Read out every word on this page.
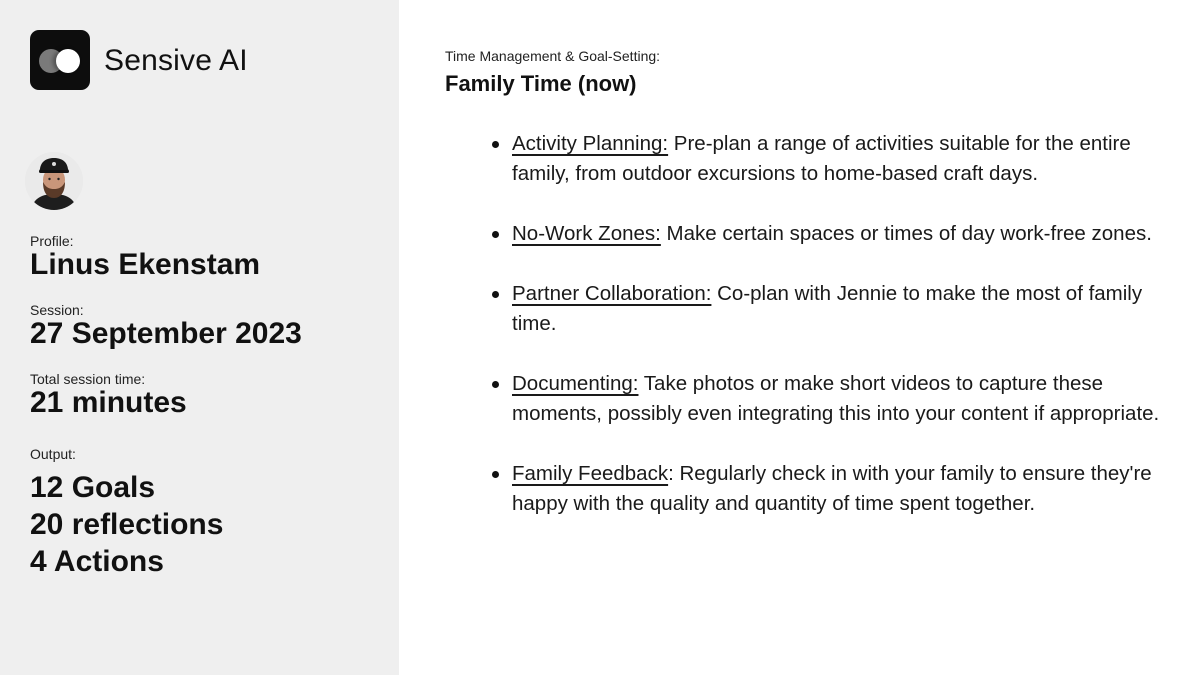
Sensive AI
Profile:
Linus Ekenstam
Session:
27 September 2023
Total session time:
21 minutes
Output:
12 Goals
20 reflections
4 Actions
Time Management & Goal-Setting:
Family Time (now)
Activity Planning: Pre-plan a range of activities suitable for the entire family, from outdoor excursions to home-based craft days.
No-Work Zones: Make certain spaces or times of day work-free zones.
Partner Collaboration: Co-plan with Jennie to make the most of family time.
Documenting: Take photos or make short videos to capture these moments, possibly even integrating this into your content if appropriate.
Family Feedback: Regularly check in with your family to ensure they're happy with the quality and quantity of time spent together.
